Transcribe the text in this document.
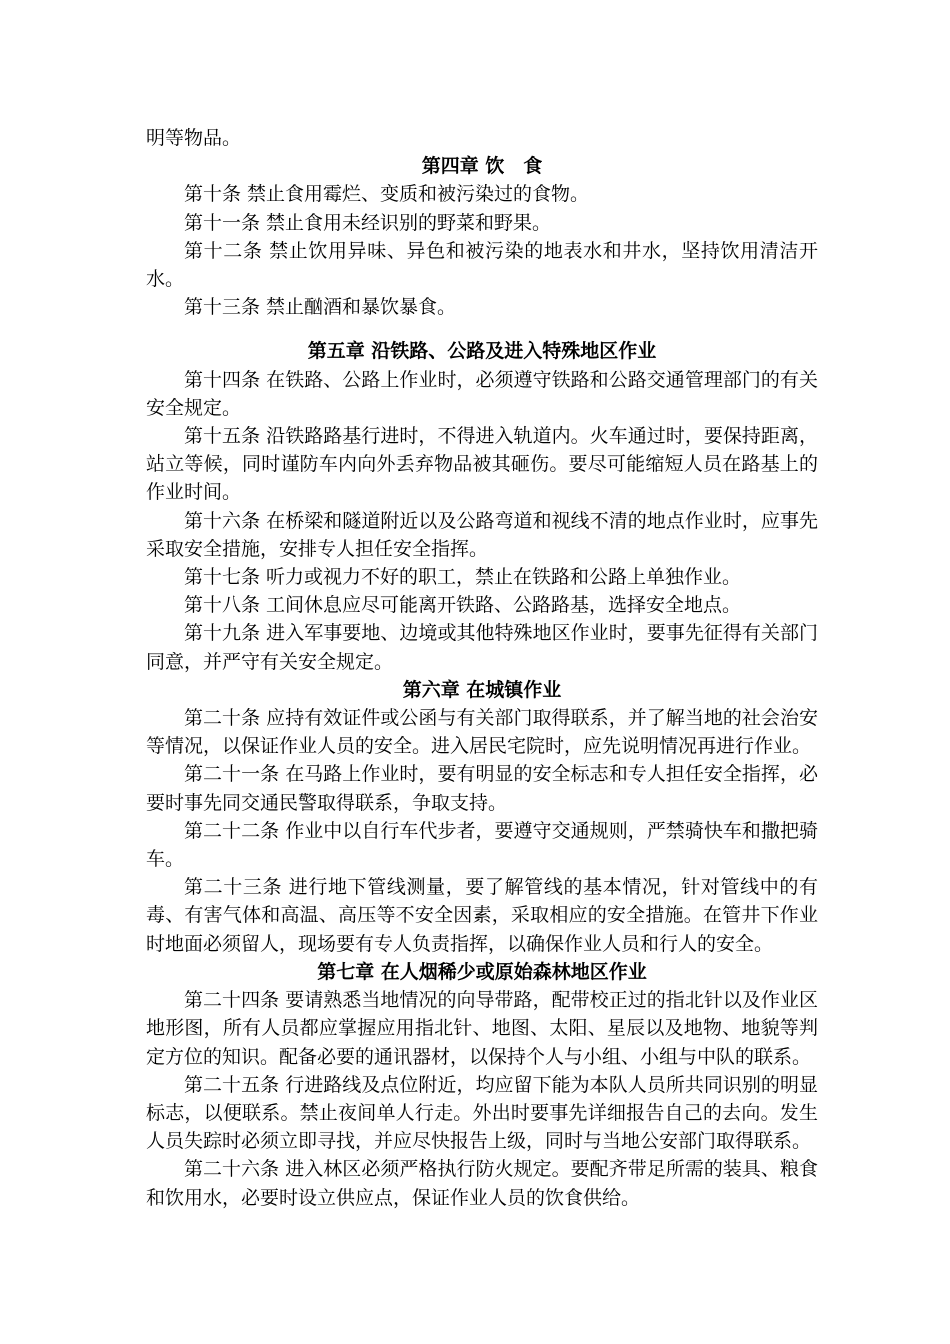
明等物品。

第四章 饮　食

第十条 禁止食用霉烂、变质和被污染过的食物。

第十一条 禁止食用未经识别的野菜和野果。

第十二条 禁止饮用异味、异色和被污染的地表水和井水，坚持饮用清洁开水。

第十三条 禁止酗酒和暴饮暴食。

第五章 沿铁路、公路及进入特殊地区作业

第十四条 在铁路、公路上作业时，必须遵守铁路和公路交通管理部门的有关安全规定。

第十五条 沿铁路路基行进时，不得进入轨道内。火车通过时，要保持距离，站立等候，同时谨防车内向外丢弃物品被其砸伤。要尽可能缩短人员在路基上的作业时间。

第十六条 在桥梁和隧道附近以及公路弯道和视线不清的地点作业时，应事先采取安全措施，安排专人担任安全指挥。

第十七条 听力或视力不好的职工，禁止在铁路和公路上单独作业。

第十八条 工间休息应尽可能离开铁路、公路路基，选择安全地点。

第十九条 进入军事要地、边境或其他特殊地区作业时，要事先征得有关部门同意，并严守有关安全规定。

第六章 在城镇作业

第二十条 应持有效证件或公函与有关部门取得联系，并了解当地的社会治安等情况，以保证作业人员的安全。进入居民宅院时，应先说明情况再进行作业。

第二十一条 在马路上作业时，要有明显的安全标志和专人担任安全指挥，必要时事先同交通民警取得联系，争取支持。

第二十二条 作业中以自行车代步者，要遵守交通规则，严禁骑快车和撒把骑车。

第二十三条 进行地下管线测量，要了解管线的基本情况，针对管线中的有毒、有害气体和高温、高压等不安全因素，采取相应的安全措施。在管井下作业时地面必须留人，现场要有专人负责指挥，以确保作业人员和行人的安全。

第七章 在人烟稀少或原始森林地区作业

第二十四条 要请熟悉当地情况的向导带路，配带校正过的指北针以及作业区地形图，所有人员都应掌握应用指北针、地图、太阳、星辰以及地物、地貌等判定方位的知识。配备必要的通讯器材，以保持个人与小组、小组与中队的联系。

第二十五条 行进路线及点位附近，均应留下能为本队人员所共同识别的明显标志，以便联系。禁止夜间单人行走。外出时要事先详细报告自己的去向。发生人员失踪时必须立即寻找，并应尽快报告上级，同时与当地公安部门取得联系。

第二十六条 进入林区必须严格执行防火规定。要配齐带足所需的装具、粮食和饮用水，必要时设立供应点，保证作业人员的饮食供给。
